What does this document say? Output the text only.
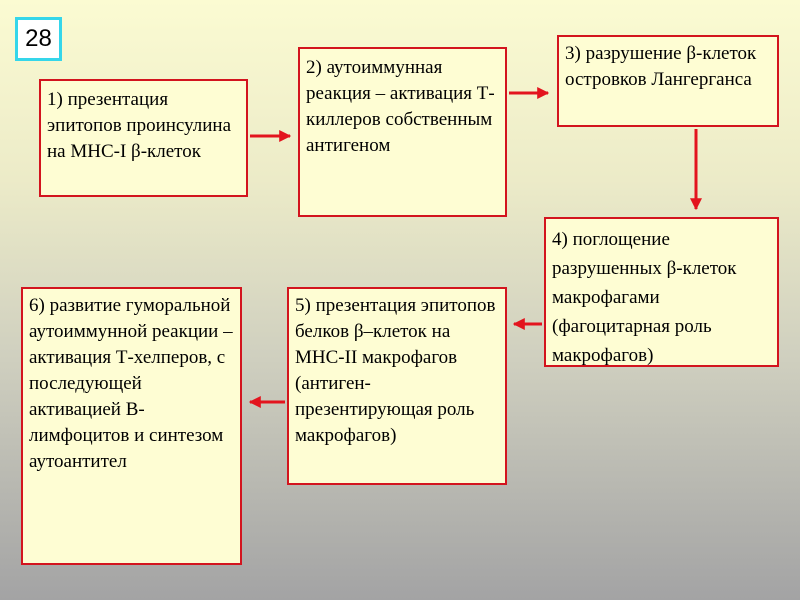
28
1) презентация эпитопов проинсулина на МНС-I β-клеток
2) аутоиммунная реакция – активация Т-киллеров собственным антигеном
3) разрушение β-клеток островков Лангерганса
4) поглощение разрушенных β-клеток макрофагами (фагоцитарная роль макрофагов)
5) презентация эпитопов белков β–клеток на МНС-II макрофагов (антиген-презентирующая роль макрофагов)
6) развитие гуморальной аутоиммунной реакции – активация Т-хелперов, с последующей активацией В-лимфоцитов и синтезом аутоантител
